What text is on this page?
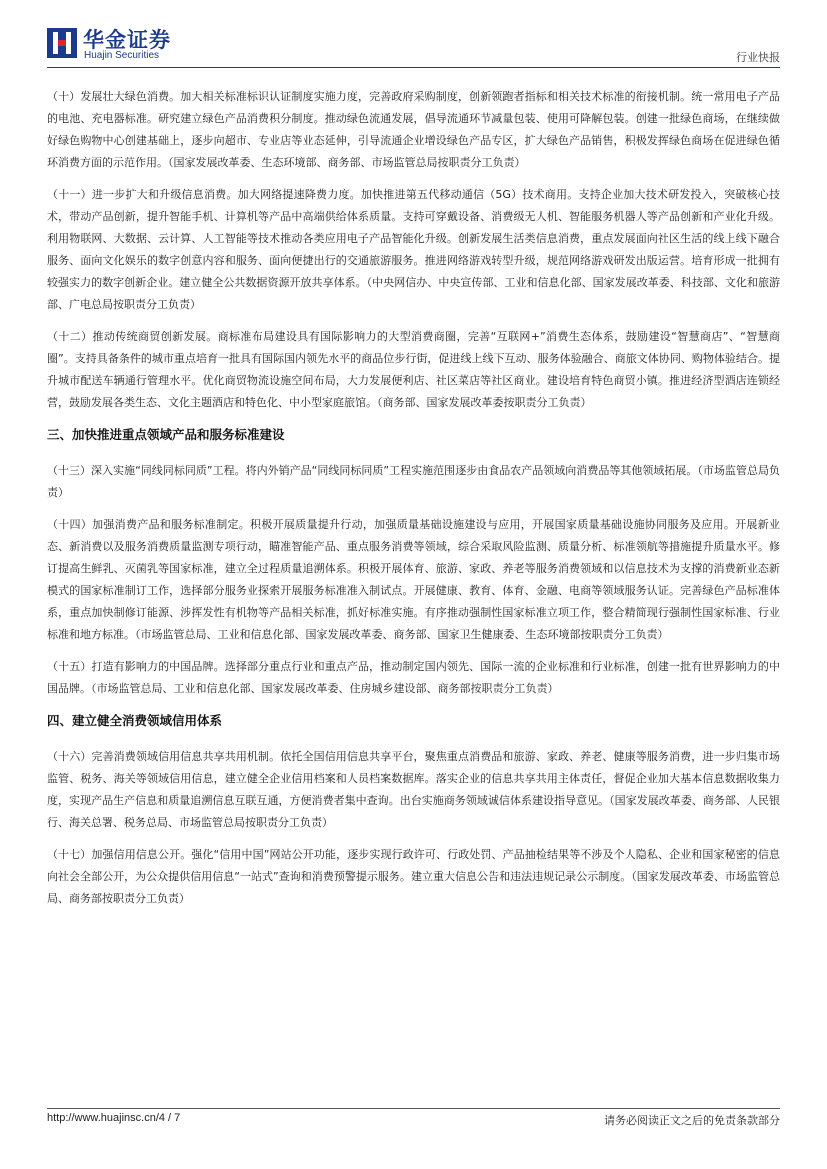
华金证券
Huajin Securities	行业快报

（十）发展壮大绿色消费。加大相关标准标识认证制度实施力度，完善政府采购制度，创新领跑者指标和相关技术标准的衔接机制。统一常用电子产品的电池、充电器标准。研究建立绿色产品消费积分制度。推动绿色流通发展，倡导流通环节减量包装、使用可降解包装。创建一批绿色商场，在继续做好绿色购物中心创建基础上，逐步向超市、专业店等业态延伸，引导流通企业增设绿色产品专区，扩大绿色产品销售，积极发挥绿色商场在促进绿色循环消费方面的示范作用。（国家发展改革委、生态环境部、商务部、市场监管总局按职责分工负责）

（十一）进一步扩大和升级信息消费。加大网络提速降费力度。加快推进第五代移动通信（5G）技术商用。支持企业加大技术研发投入，突破核心技术，带动产品创新，提升智能手机、计算机等产品中高端供给体系质量。支持可穿戴设备、消费级无人机、智能服务机器人等产品创新和产业化升级。利用物联网、大数据、云计算、人工智能等技术推动各类应用电子产品智能化升级。创新发展生活类信息消费，重点发展面向社区生活的线上线下融合服务、面向文化娱乐的数字创意内容和服务、面向便捷出行的交通旅游服务。推进网络游戏转型升级，规范网络游戏研发出版运营。培育形成一批拥有较强实力的数字创新企业。建立健全公共数据资源开放共享体系。（中央网信办、中央宣传部、工业和信息化部、国家发展改革委、科技部、文化和旅游部、广电总局按职责分工负责）

（十二）推动传统商贸创新发展。商标准布局建设具有国际影响力的大型消费商圈，完善“互联网+”消费生态体系，鼓励建设“智慧商店”、“智慧商圈”。支持具备条件的城市重点培育一批具有国际国内领先水平的商品位步行街，促进线上线下互动、服务体验融合、商旅文体协同、购物体验结合。提升城市配送车辆通行管理水平。优化商贸物流设施空间布局，大力发展便利店、社区菜店等社区商业。建设培育特色商贸小镇。推进经济型酒店连锁经营，鼓励发展各类生态、文化主题酒店和特色化、中小型家庭旅馆。（商务部、国家发展改革委按职责分工负责）

三、加快推进重点领域产品和服务标准建设

（十三）深入实施“同线同标同质”工程。将内外销产品“同线同标同质”工程实施范围逐步由食品农产品领域向消费品等其他领域拓展。（市场监管总局负责）

（十四）加强消费产品和服务标准制定。积极开展质量提升行动，加强质量基础设施建设与应用，开展国家质量基础设施协同服务及应用。开展新业态、新消费以及服务消费质量监测专项行动，瞄准智能产品、重点服务消费等领域，综合采取风险监测、质量分析、标准领航等措施提升质量水平。修订提高生鲜乳、灭菌乳等国家标准，建立全过程质量追溯体系。积极开展体育、旅游、家政、养老等服务消费领域和以信息技术为支撑的消费新业态新模式的国家标准制订工作，选择部分服务业探索开展服务标准准入制试点。开展健康、教育、体育、金融、电商等领域服务认证。完善绿色产品标准体系，重点加快制修订能源、涉挥发性有机物等产品相关标准，抓好标准实施。有序推动强制性国家标准立项工作，整合精简现行强制性国家标准、行业标准和地方标准。（市场监管总局、工业和信息化部、国家发展改革委、商务部、国家卫生健康委、生态环境部按职责分工负责）

（十五）打造有影响力的中国品牌。选择部分重点行业和重点产品，推动制定国内领先、国际一流的企业标准和行业标准，创建一批有世界影响力的中国品牌。（市场监管总局、工业和信息化部、国家发展改革委、住房城乡建设部、商务部按职责分工负责）

四、建立健全消费领域信用体系

（十六）完善消费领域信用信息共享共用机制。依托全国信用信息共享平台，聚焦重点消费品和旅游、家政、养老、健康等服务消费，进一步归集市场监管、税务、海关等领域信用信息，建立健全企业信用档案和人员档案数据库。落实企业的信息共享共用主体责任，督促企业加大基本信息数据收集力度，实现产品生产信息和质量追溯信息互联互通，方便消费者集中查询。出台实施商务领域诚信体系建设指导意见。（国家发展改革委、商务部、人民银行、海关总署、税务总局、市场监管总局按职责分工负责）

（十七）加强信用信息公开。强化“信用中国”网站公开功能，逐步实现行政许可、行政处罚、产品抽检结果等不涉及个人隐私、企业和国家秘密的信息向社会全部公开，为公众提供信用信息“一站式”查询和消费预警提示服务。建立重大信息公告和违法违规记录公示制度。（国家发展改革委、市场监管总局、商务部按职责分工负责）

http://www.huajinsc.cn/4 / 7	请务必阅读正文之后的免责条款部分
